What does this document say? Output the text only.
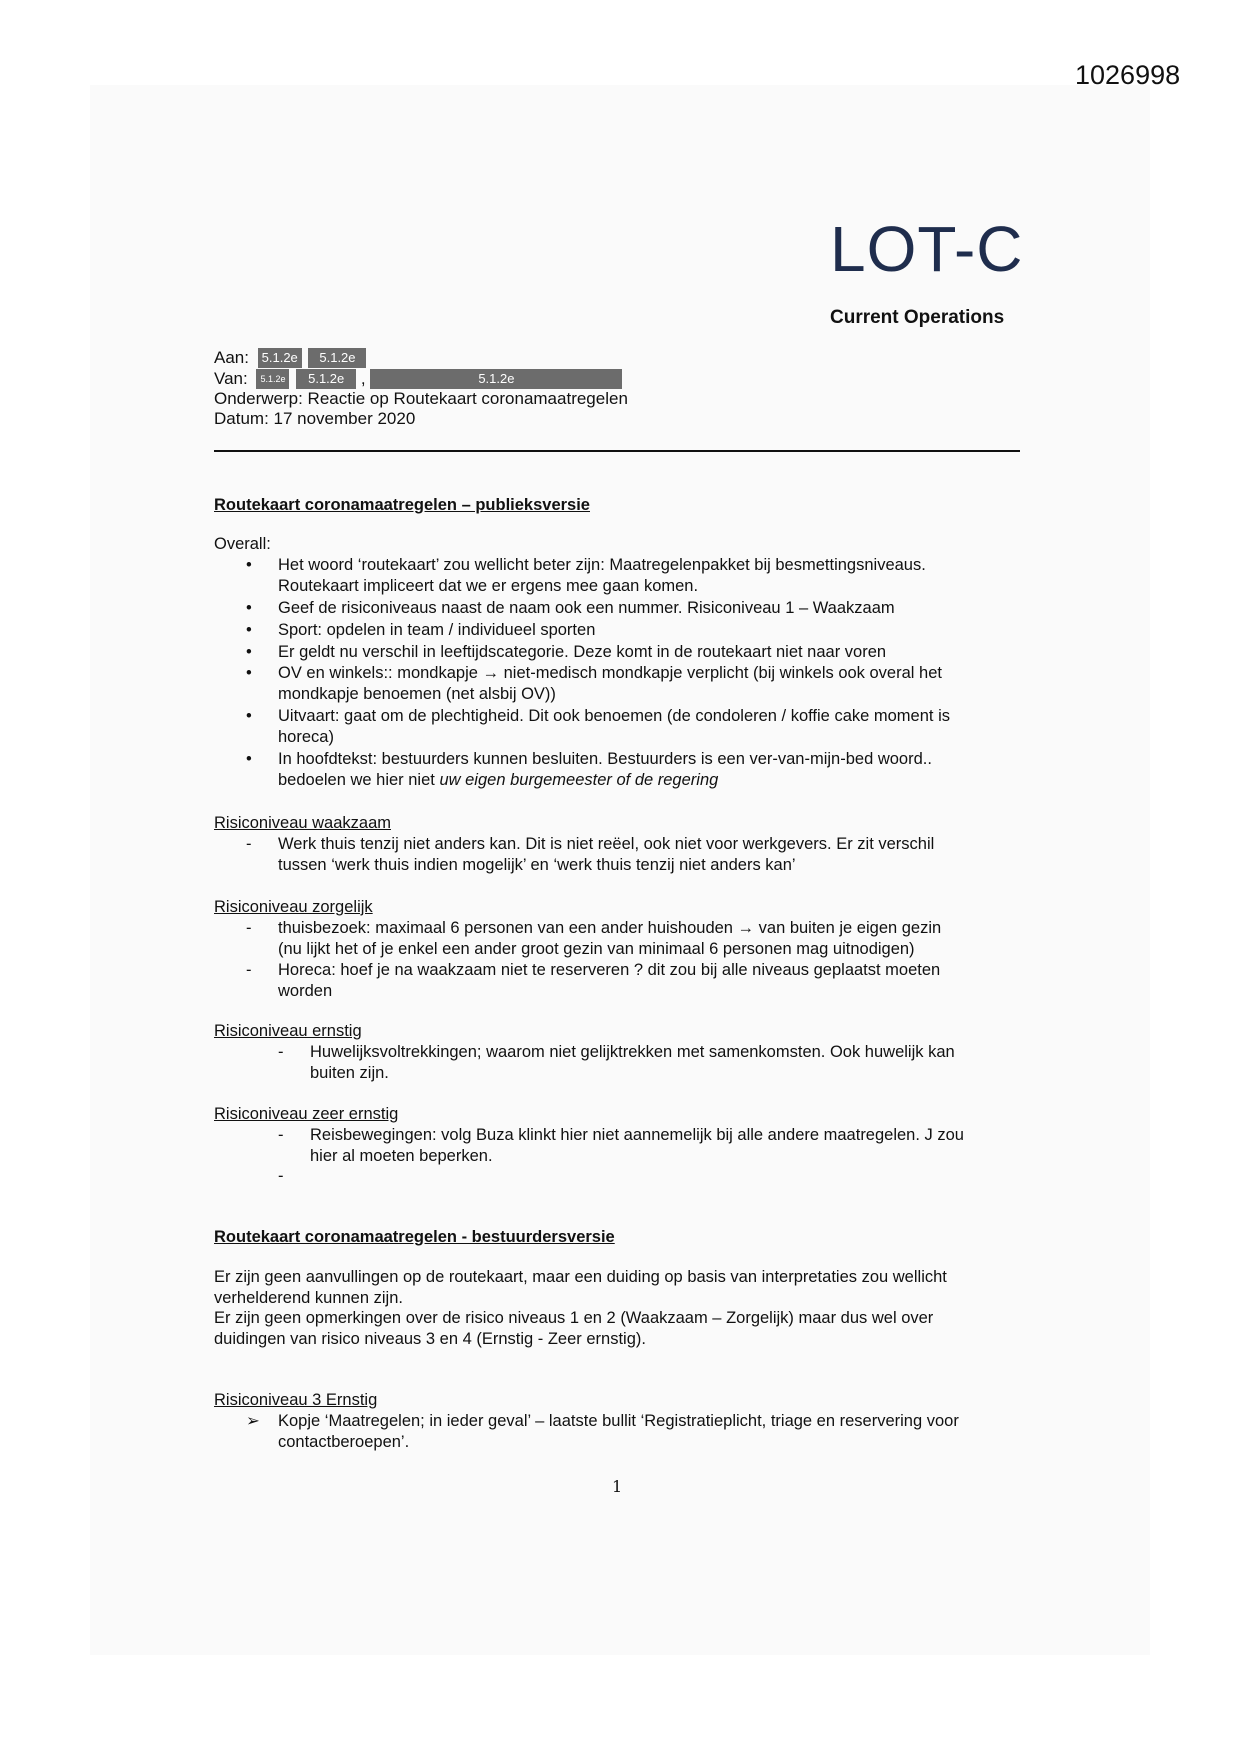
1026998
LOT-C
Current Operations
Aan: 5.1.2e 5.1.2e
Van: 5.1.2e 5.1.2e ,	5.1.2e
Onderwerp: Reactie op Routekaart coronamaatregelen
Datum: 17 november 2020
Routekaart coronamaatregelen – publieksversie
Overall:
• Het woord ‘routekaart’ zou wellicht beter zijn: Maatregelenpakket bij besmettingsniveaus.
Routekaart impliceert dat we er ergens mee gaan komen.
• Geef de risiconiveaus naast de naam ook een nummer. Risiconiveau 1 – Waakzaam
• Sport: opdelen in team / individueel sporten
• Er geldt nu verschil in leeftijdscategorie. Deze komt in de routekaart niet naar voren
• OV en winkels:: mondkapje → niet-medisch mondkapje verplicht (bij winkels ook overal het
mondkapje benoemen (net alsbij OV))
• Uitvaart: gaat om de plechtigheid. Dit ook benoemen (de condoleren / koffie cake moment is
horeca)
• In hoofdtekst: bestuurders kunnen besluiten. Bestuurders is een ver-van-mijn-bed woord..
bedoelen we hier niet uw eigen burgemeester of de regering
Risiconiveau waakzaam
- Werk thuis tenzij niet anders kan. Dit is niet reëel, ook niet voor werkgevers. Er zit verschil
tussen ‘werk thuis indien mogelijk’ en ‘werk thuis tenzij niet anders kan’
Risiconiveau zorgelijk
- thuisbezoek: maximaal 6 personen van een ander huishouden → van buiten je eigen gezin
(nu lijkt het of je enkel een ander groot gezin van minimaal 6 personen mag uitnodigen)
- Horeca: hoef je na waakzaam niet te reserveren ? dit zou bij alle niveaus geplaatst moeten
worden
Risiconiveau ernstig
- Huwelijksvoltrekkingen; waarom niet gelijktrekken met samenkomsten. Ook huwelijk kan
buiten zijn.
Risiconiveau zeer ernstig
- Reisbewegingen: volg Buza klinkt hier niet aannemelijk bij alle andere maatregelen. J zou
hier al moeten beperken.
-
Routekaart coronamaatregelen - bestuurdersversie
Er zijn geen aanvullingen op de routekaart, maar een duiding op basis van interpretaties zou wellicht
verhelderend kunnen zijn.
Er zijn geen opmerkingen over de risico niveaus 1 en 2 (Waakzaam – Zorgelijk) maar dus wel over
duidingen van risico niveaus 3 en 4 (Ernstig - Zeer ernstig).
Risiconiveau 3 Ernstig
➢ Kopje ‘Maatregelen; in ieder geval’ – laatste bullit ‘Registratieplicht, triage en reservering voor
contactberoepen’.
1
